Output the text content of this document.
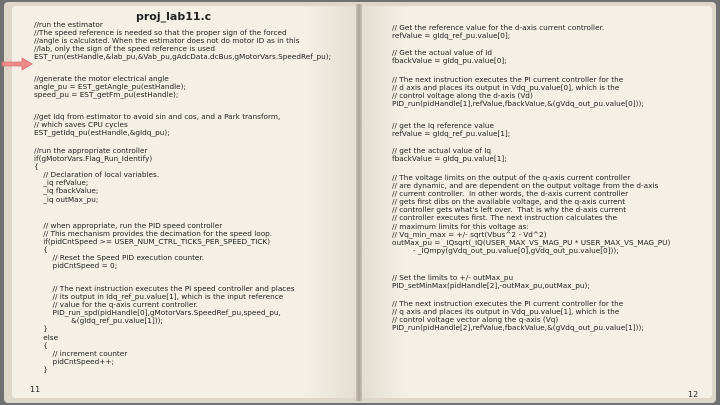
proj_lab11.c
//run the estimator
//The speed reference is needed so that the proper sign of the forced
//angle is calculated. When the estimator does not do motor ID as in this
//lab, only the sign of the speed reference is used
EST_run(estHandle,&lab_pu,&Vab_pu,gAdcData.dcBus,gMotorVars.SpeedRef_pu);
//generate the motor electrical angle
angle_pu = EST_getAngle_pu(estHandle);
speed_pu = EST_getFm_pu(estHandle);
//get Idq from estimator to avoid sin and cos, and a Park transform,
// which saves CPU cycles
EST_getIdq_pu(estHandle,&gIdq_pu);
//run the appropriate controller
if(gMotorVars.Flag_Run_Identify)
{
// Declaration of local variables.
_iq refValue;
_iq fbackValue;
_iq outMax_pu;
// when appropriate, run the PID speed controller
// This mechanism provides the decimation for the speed loop.
if(pidCntSpeed >= USER_NUM_CTRL_TICKS_PER_SPEED_TICK)
{
// Reset the Speed PID execution counter.
pidCntSpeed = 0;
// The next instruction executes the PI speed controller and places
// its output in Idq_ref_pu.value[1], which is the input reference
// value for the q-axis current controller.
PID_run_spd(pidHandle[0],gMotorVars.SpeedRef_pu,speed_pu,
&(gIdq_ref_pu.value[1]));
}
else
{
// increment counter
pidCntSpeed++;
}
// Get the reference value for the d-axis current controller.
refValue = gIdq_ref_pu.value[0];
// Get the actual value of Id
fbackValue = gIdq_pu.value[0];
// The next instruction executes the PI current controller for the
// d axis and places its output in Vdq_pu.value[0], which is the
// control voltage along the d-axis (Vd)
PID_run(pidHandle[1],refValue,fbackValue,&(gVdq_out_pu.value[0]));
// get the Iq reference value
refValue = gIdq_ref_pu.value[1];
// get the actual value of Iq
fbackValue = gIdq_pu.value[1];
// The voltage limits on the output of the q-axis current controller
// are dynamic, and are dependent on the output voltage from the d-axis
// current controller.  In other words, the d-axis current controller
// gets first dibs on the available voltage, and the q-axis current
// controller gets what's left over.  That is why the d-axis current
// controller executes first. The next instruction calculates the
// maximum limits for this voltage as:
// Vq_min_max = +/- sqrt(Vbus^2 - Vd^2)
outMax_pu = _IQsqrt(_IQ(USER_MAX_VS_MAG_PU * USER_MAX_VS_MAG_PU)
- _IQmpy(gVdq_out_pu.value[0],gVdq_out_pu.value[0]));
// Set the limits to +/- outMax_pu
PID_setMinMax(pidHandle[2],-outMax_pu,outMax_pu);
// The next instruction executes the PI current controller for the
// q axis and places its output in Vdq_pu.value[1], which is the
// control voltage vector along the q-axis (Vq)
PID_run(pidHandle[2],refValue,fbackValue,&(gVdq_out_pu.value[1]));
11
12
